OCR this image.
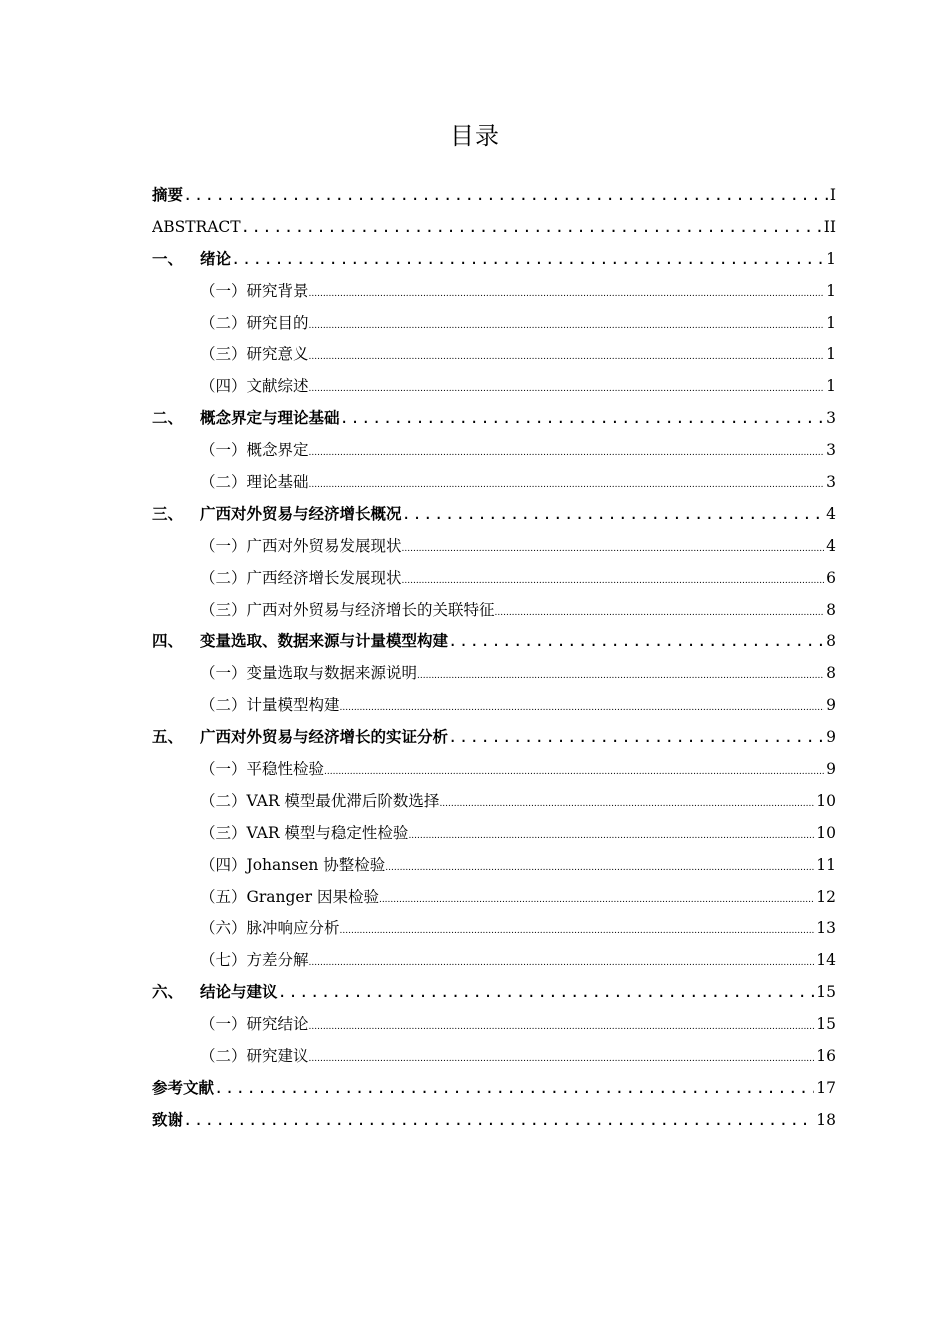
目录
摘要 .....	I
ABSTRACT .....	II
一、	绪论 .....	1
（一）研究背景 .....	1
（二）研究目的 .....	1
（三）研究意义 .....	1
（四）文献综述 .....	1
二、	概念界定与理论基础 .....	3
（一）概念界定 .....	3
（二）理论基础 .....	3
三、	广西对外贸易与经济增长概况 .....	4
（一）广西对外贸易发展现状 .....	4
（二）广西经济增长发展现状 .....	6
（三）广西对外贸易与经济增长的关联特征 .....	8
四、	变量选取、数据来源与计量模型构建 .....	8
（一）变量选取与数据来源说明 .....	8
（二）计量模型构建 .....	9
五、	广西对外贸易与经济增长的实证分析 .....	9
（一）平稳性检验 .....	9
（二）VAR 模型最优滞后阶数选择 .....	10
（三）VAR 模型与稳定性检验 .....	10
（四）Johansen 协整检验 .....	11
（五）Granger 因果检验 .....	12
（六）脉冲响应分析 .....	13
（七）方差分解 .....	14
六、	结论与建议 .....	15
（一）研究结论 .....	15
（二）研究建议 .....	16
参考文献 .....	17
致谢 .....	18
